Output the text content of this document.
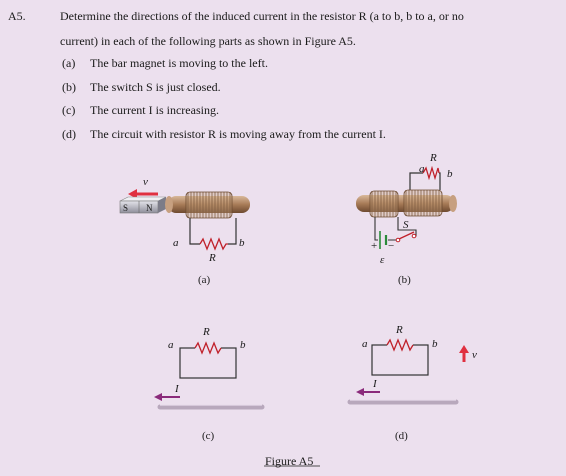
A5.	Determine the directions of the induced current in the resistor R (a to b, b to a, or no
current) in each of the following parts as shown in Figure A5.
(a) The bar magnet is moving to the left.
(b) The switch S is just closed.
(c) The current I is increasing.
(d) The circuit with resistor R is moving away from the current I.
v
S N
a	b
R
(a)
R
a b
S
+ −
ε
(b)
R
a	b
I
(c)
R
a	b
I
v
(d)
Figure A5
